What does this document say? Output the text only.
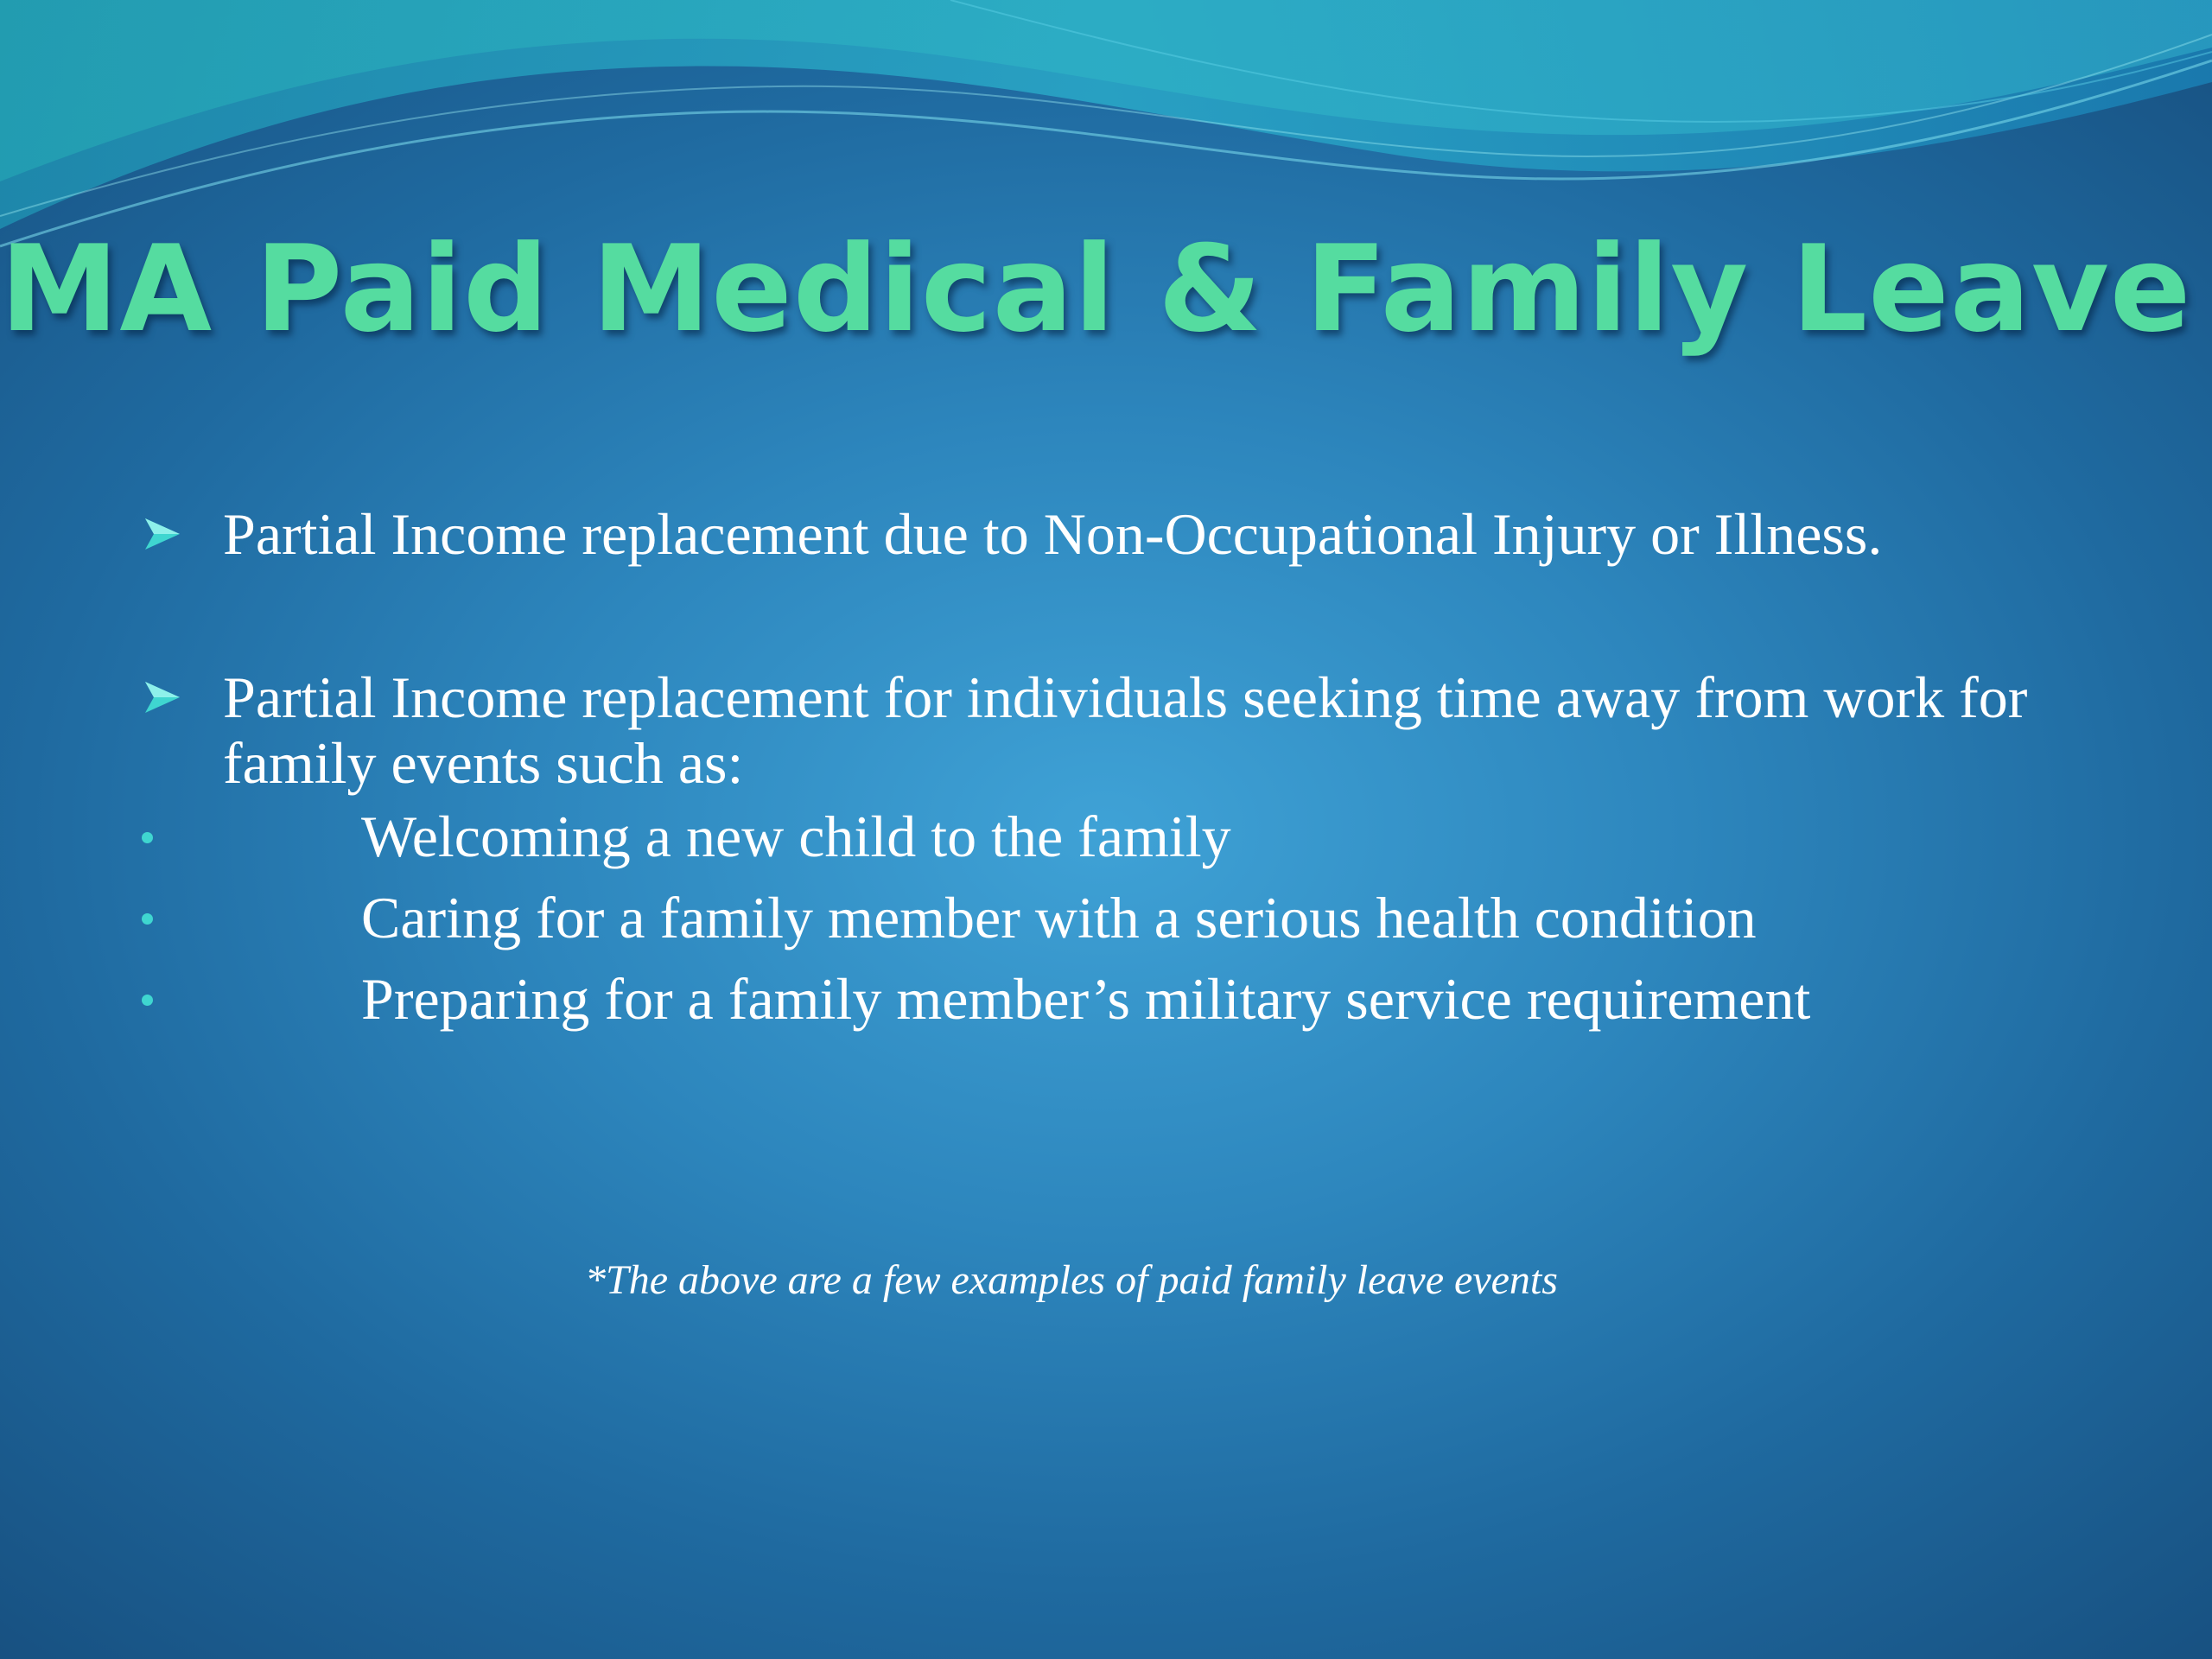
MA Paid Medical & Family Leave
Partial Income replacement due to Non-Occupational Injury or Illness.
Partial Income replacement for individuals seeking time away from work for family events such as:
Welcoming a new child to the family
Caring for a family member with a serious health condition
Preparing for a family member’s military service requirement
*The above are a few examples of paid family leave events
